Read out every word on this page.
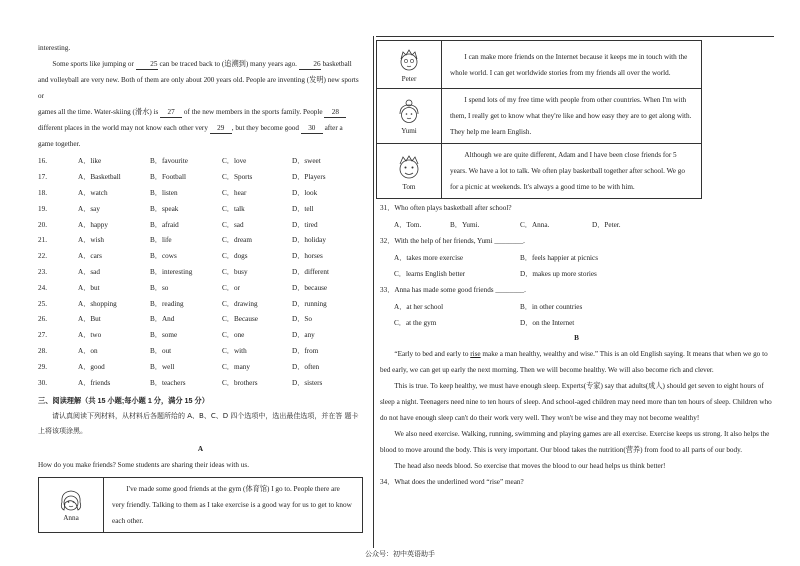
interesting.

Some sports like jumping or 25 can be traced back to (追溯到) many years ago. 26 basketball

and volleyball are very new. Both of them are only about 200 years old. People are inventing (发明) new sports or

games all the time. Water-skiing (滑水) is 27 of the new members in the sports family. People 28

different places in the world may not know each other very 29 , but they become good 30 after a

game together.

16.	A．like	B．favourite	C．love	D．sweet
17.	A．Basketball	B．Football	C．Sports	D．Players
18.	A．watch	B．listen	C．hear	D．look
19.	A．say	B．speak	C．talk	D．tell
20.	A．happy	B．afraid	C．sad	D．tired
21.	A．wish	B．life	C．dream	D．holiday
22.	A．cars	B．cows	C．dogs	D．horses
23.	A．sad	B．interesting	C．busy	D．different
24.	A．but	B．so	C．or	D．because
25.	A．shopping	B．reading	C．drawing	D．running
26.	A．But	B．And	C．Because	D．So
27.	A．two	B．some	C．one	D．any
28.	A．on	B．out	C．with	D．from
29.	A．good	B．well	C．many	D．often
30.	A．friends	B．teachers	C．brothers	D．sisters

三、阅读理解（共 15 小题;每小题 1 分，满分 15 分）

请认真阅读下列材料，从材料后各题所给的 A、B、C、D 四个选项中，选出最佳选项，并在答 题卡上将该项涂黑。

A

How do you make friends? Some students are sharing their ideas with us.

Anna	I've made some good friends at the gym (体育馆) I go to. People there are very friendly. Talking to them as I take exercise is a good way for us to get to know each other.
Peter	I can make more friends on the Internet because it keeps me in touch with the whole world. I can get worldwide stories from my friends all over the world.

Yumi	I spend lots of my free time with people from other countries. When I'm with them, I really get to know what they're like and how easy they are to get along with. They help me learn English.

Tom	Although we are quite different, Adam and I have been close friends for 5 years. We have a lot to talk. We often play basketball together after school. We go for a picnic at weekends. It's always a good time to be with him.

31．Who often plays basketball after school?

A．Tom.	B．Yumi.	C．Anna.	D．Peter.

32．With the help of her friends, Yumi ________.

A．takes more exercise	B．feels happier at picnics
C．learns English better	D．makes up more stories

33．Anna has made some good friends ________.

A．at her school	B．in other countries
C．at the gym	D．on the Internet

B

“Early to bed and early to rise make a man healthy, wealthy and wise.” This is an old English saying. It means that when we go to bed early, we can get up early the next morning. Then we will become healthy. We will also become rich and clever.

This is true. To keep healthy, we must have enough sleep. Experts(专家) say that adults(成人) should get seven to eight hours of sleep a night. Teenagers need nine to ten hours of sleep. And school-aged children may need more than ten hours of sleep. Children who do not have enough sleep can't do their work very well. They won't be wise and they may not become wealthy!

We also need exercise. Walking, running, swimming and playing games are all exercise. Exercise keeps us strong. It also helps the blood to move around the body. This is very important. Our blood takes the nutrition(营养) from food to all parts of our body.

The head also needs blood. So exercise that moves the blood to our head helps us think better!

34．What does the underlined word “rise” mean?

公众号：初中英语助手
